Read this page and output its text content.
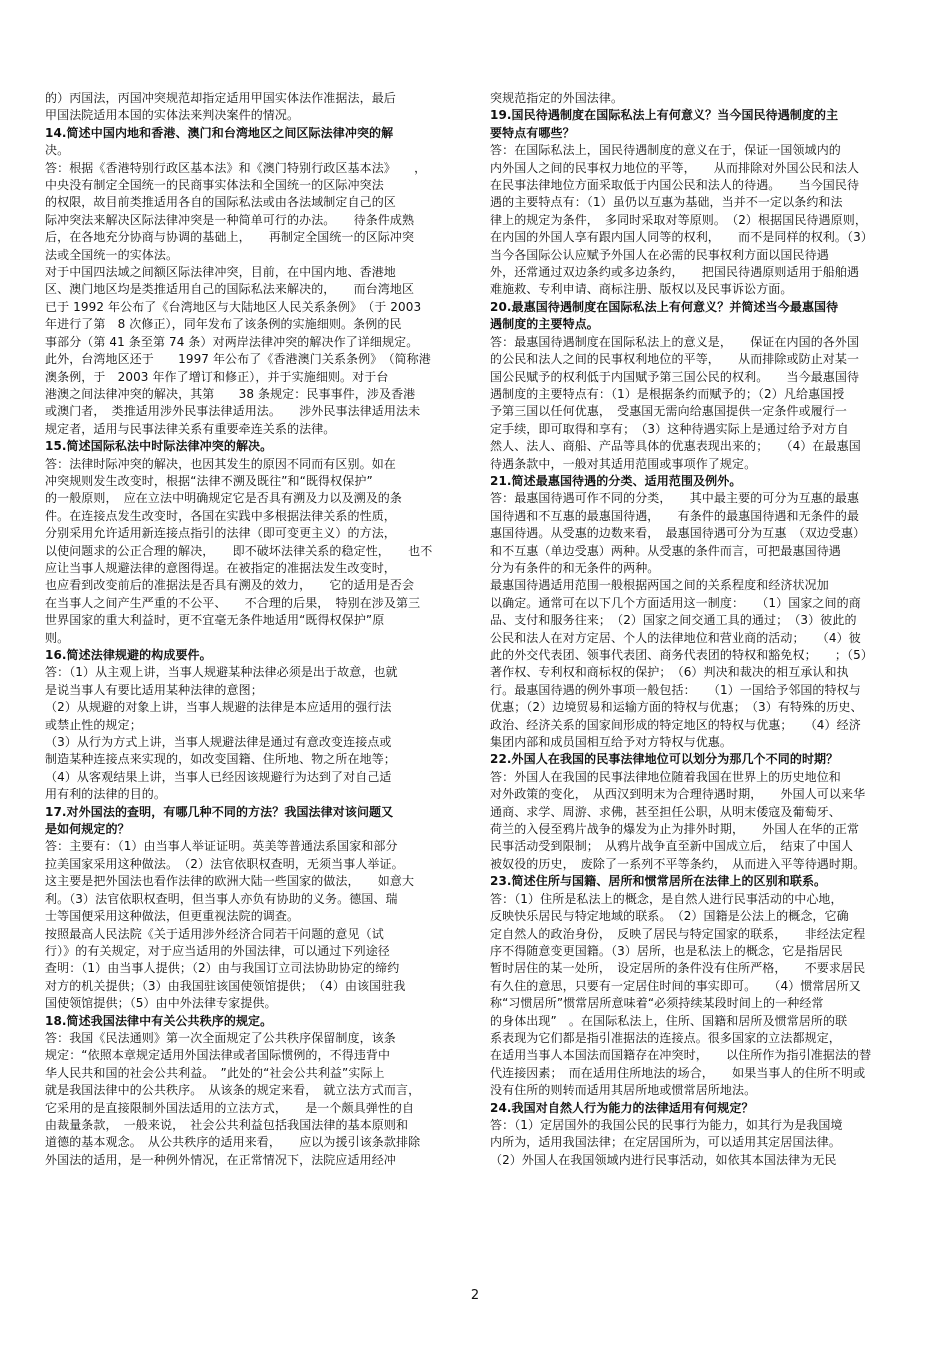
的）丙国法，丙国冲突规范却指定适用甲国实体法作准据法，最后
甲国法院适用本国的实体法来判决案件的情况。
14.简述中国内地和香港、澳门和台湾地区之间区际法律冲突的解
决。
答：根据《香港特别行政区基本法》和《澳门特别行政区基本法》　　，
中央没有制定全国统一的民商事实体法和全国统一的区际冲突法
的权限，故目前类推适用各自的国际私法或由各法域制定自己的区
际冲突法来解决区际法律冲突是一种简单可行的办法。　　待条件成熟
后，在各地充分协商与协调的基础上，　　再制定全国统一的区际冲突
法或全国统一的实体法。
对于中国四法域之间额区际法律冲突，目前，在中国内地、香港地
区、澳门地区均是类推适用自己的国际私法来解决的，　　而台湾地区
已于 1992 年公布了《台湾地区与大陆地区人民关系条例》　（于 2003
年进行了第　8 次修正），同年发布了该条例的实施细则。条例的民
事部分（第 41 条至第 74 条）对两岸法律冲突的解决作了详细规定。
此外，台湾地区还于　　1997 年公布了《香港澳门关系条例》　（简称港
澳条例，于　2003 年作了增订和修正），并于实施细则。对于台
港澳之间法律冲突的解决，其第　　38 条规定：民事事件，涉及香港
或澳门者，　类推适用涉外民事法律适用法。　　涉外民事法律适用法未
规定者，适用与民事法律关系有重要牵连关系的法律。
15.简述国际私法中时际法律冲突的解决。
答：法律时际冲突的解决，也因其发生的原因不同而有区别。如在
冲突规则发生改变时，根据“法律不溯及既往”和“既得权保护”
的一般原则，　应在立法中明确规定它是否具有溯及力以及溯及的条
件。在连接点发生改变时，各国在实践中多根据法律关系的性质，
分别采用允许适用新连接点指引的法律（即可变更主义）的方法，
以使问题求的公正合理的解决，　　即不破坏法律关系的稳定性，　　也不
应让当事人规避法律的意图得逞。在被指定的准据法发生改变时，
也应看到改变前后的准据法是否具有溯及的效力，　　它的适用是否会
在当事人之间产生严重的不公平、　　不合理的后果，　特别在涉及第三
世界国家的重大利益时，更不宜毫无条件地适用“既得权保护”原
则。
16.简述法律规避的构成要件。
答：（1）从主观上讲，当事人规避某种法律必须是出于故意，也就
是说当事人有要比适用某种法律的意图；
（2）从规避的对象上讲，当事人规避的法律是本应适用的强行法
或禁止性的规定；
（3）从行为方式上讲，当事人规避法律是通过有意改变连接点或
制造某种连接点来实现的，如改变国籍、住所地、物之所在地等；
（4）从客观结果上讲，当事人已经因该规避行为达到了对自己适
用有利的法律的目的。
17.对外国法的查明，有哪几种不同的方法？我国法律对该问题又
是如何规定的？
答：主要有：（1）由当事人举证证明。英美等普通法系国家和部分
拉美国家采用这种做法。　（2）法官依职权查明，无须当事人举证。
这主要是把外国法也看作法律的欧洲大陆一些国家的做法，　　如意大
利。（3）法官依职权查明，但当事人亦负有协助的义务。德国、瑞
士等国便采用这种做法，但更重视法院的调查。
按照最高人民法院《关于适用涉外经济合同若干问题的意见（试
行）》的有关规定，对于应当适用的外国法律，可以通过下列途径
查明：（1）由当事人提供；（2）由与我国订立司法协助协定的缔约
对方的机关提供；（3）由我国驻该国使领馆提供；　（4）由该国驻我
国使领馆提供；（5）由中外法律专家提供。
18.简述我国法律中有关公共秩序的规定。
答：我国《民法通则》第一次全面规定了公共秩序保留制度，该条
规定：“依照本章规定适用外国法律或者国际惯例的，不得违背中
华人民共和国的社会公共利益。　”此处的“社会公共利益”实际上
就是我国法律中的公共秩序。　从该条的规定来看，　就立法方式而言，
它采用的是直接限制外国法适用的立法方式，　　是一个颇具弹性的自
由裁量条款，　一般来说，　社会公共利益包括我国法律的基本原则和
道德的基本观念。　从公共秩序的适用来看，　　应以为援引该条款排除
外国法的适用，是一种例外情况，在正常情况下，法院应适用经冲
突规范指定的外国法律。
19.国民待遇制度在国际私法上有何意义？当今国民待遇制度的主
要特点有哪些？
答：在国际私法上，国民待遇制度的意义在于，保证一国领域内的
内外国人之间的民事权力地位的平等，　　从而排除对外国公民和法人
在民事法律地位方面采取低于内国公民和法人的待遇。　　当今国民待
遇的主要特点有：（1）虽仍以互惠为基础，当并不一定以条约和法
律上的规定为条件，　多同时采取对等原则。　（2）根据国民待遇原则，
在内国的外国人享有跟内国人同等的权利，　　而不是同样的权利。（3）
当今各国际公认应赋予外国人在必需的民事权利方面以国民待遇
外，还常通过双边条约或多边条约，　　把国民待遇原则适用于船舶遇
难施救、专利申请、商标注册、版权以及民事诉讼方面。
20.最惠国待遇制度在国际私法上有何意义？并简述当今最惠国待
遇制度的主要特点。
答：最惠国待遇制度在国际私法上的意义是，　　保证在内国的各外国
的公民和法人之间的民事权利地位的平等，　　从而排除或防止对某一
国公民赋予的权利低于内国赋予第三国公民的权利。　　当今最惠国待
遇制度的主要特点有：（1）是根据条约而赋予的；（2）凡给惠国授
予第三国以任何优惠，　受惠国无需向给惠国提供一定条件或履行一
定手续，即可取得和享有；　（3）这种待遇实际上是通过给予对方自
然人、法人、商船、产品等具体的优惠表现出来的；　　（4）在最惠国
待遇条款中，一般对其适用范围或事项作了规定。
21.简述最惠国待遇的分类、适用范围及例外。
答：最惠国待遇可作不同的分类，　　其中最主要的可分为互惠的最惠
国待遇和不互惠的最惠国待遇，　　有条件的最惠国待遇和无条件的最
惠国待遇。从受惠的边数来看，　最惠国待遇可分为互惠　（双边受惠）
和不互惠（单边受惠）两种。从受惠的条件而言，可把最惠国待遇
分为有条件的和无条件的两种。
最惠国待遇适用范围一般根据两国之间的关系程度和经济状况加
以确定。通常可在以下几个方面适用这一制度：　　（1）国家之间的商
品、支付和服务往来；　（2）国家之间交通工具的通过；　（3）彼此的
公民和法人在对方定居、个人的法律地位和营业商的活动；　　（4）彼
此的外交代表团、领事代表团、商务代表团的特权和豁免权；　　；（5）
著作权、专利权和商标权的保护；　（6）判决和裁决的相互承认和执
行。最惠国待遇的例外事项一般包括：　　（1）一国给予邻国的特权与
优惠；（2）边境贸易和运输方面的特权与优惠；　（3）有特殊的历史、
政治、经济关系的国家间形成的特定地区的特权与优惠；　　（4）经济
集团内部和成员国相互给予对方特权与优惠。
22.外国人在我国的民事法律地位可以划分为那几个不同的时期？
答：外国人在我国的民事法律地位随着我国在世界上的历史地位和
对外政策的变化，　从西汉到明末为合理待遇时期，　　外国人可以来华
通商、求学、周游、求佛，甚至担任公职，从明末倭寇及葡萄牙、
荷兰的入侵至鸦片战争的爆发为止为排外时期，　　外国人在华的正常
民事活动受到限制；　从鸦片战争直至新中国成立后，　结束了中国人
被奴役的历史，　废除了一系列不平等条约，　从而进入平等待遇时期。
23.简述住所与国籍、居所和惯常居所在法律上的区别和联系。
答：（1）住所是私法上的概念，是自然人进行民事活动的中心地，
反映快乐居民与特定地域的联系。　（2）国籍是公法上的概念，它确
定自然人的政治身份，　反映了居民与特定国家的联系，　　非经法定程
序不得随意变更国籍。（3）居所，也是私法上的概念，它是指居民
暂时居住的某一处所，　设定居所的条件没有住所严格，　　不要求居民
有久住的意思，只要有一定居住时间的事实即可。　　（4）惯常居所又
称“习惯居所”惯常居所意味着“必须持续某段时间上的一种经常
的身体出现”　。在国际私法上，住所、国籍和居所及惯常居所的联
系表现为它们都是指引准据法的连接点。很多国家的立法都规定，
在适用当事人本国法而国籍存在冲突时，　　以住所作为指引准据法的替
代连接因素；　而在适用住所地法的场合，　　如果当事人的住所不明或
没有住所的则转而适用其居所地或惯常居所地法。
24.我国对自然人行为能力的法律适用有何规定？
答：（1）定居国外的我国公民的民事行为能力，如其行为是我国境
内所为，适用我国法律；在定居国所为，可以适用其定居国法律。
（2）外国人在我国领域内进行民事活动，如依其本国法律为无民
2
